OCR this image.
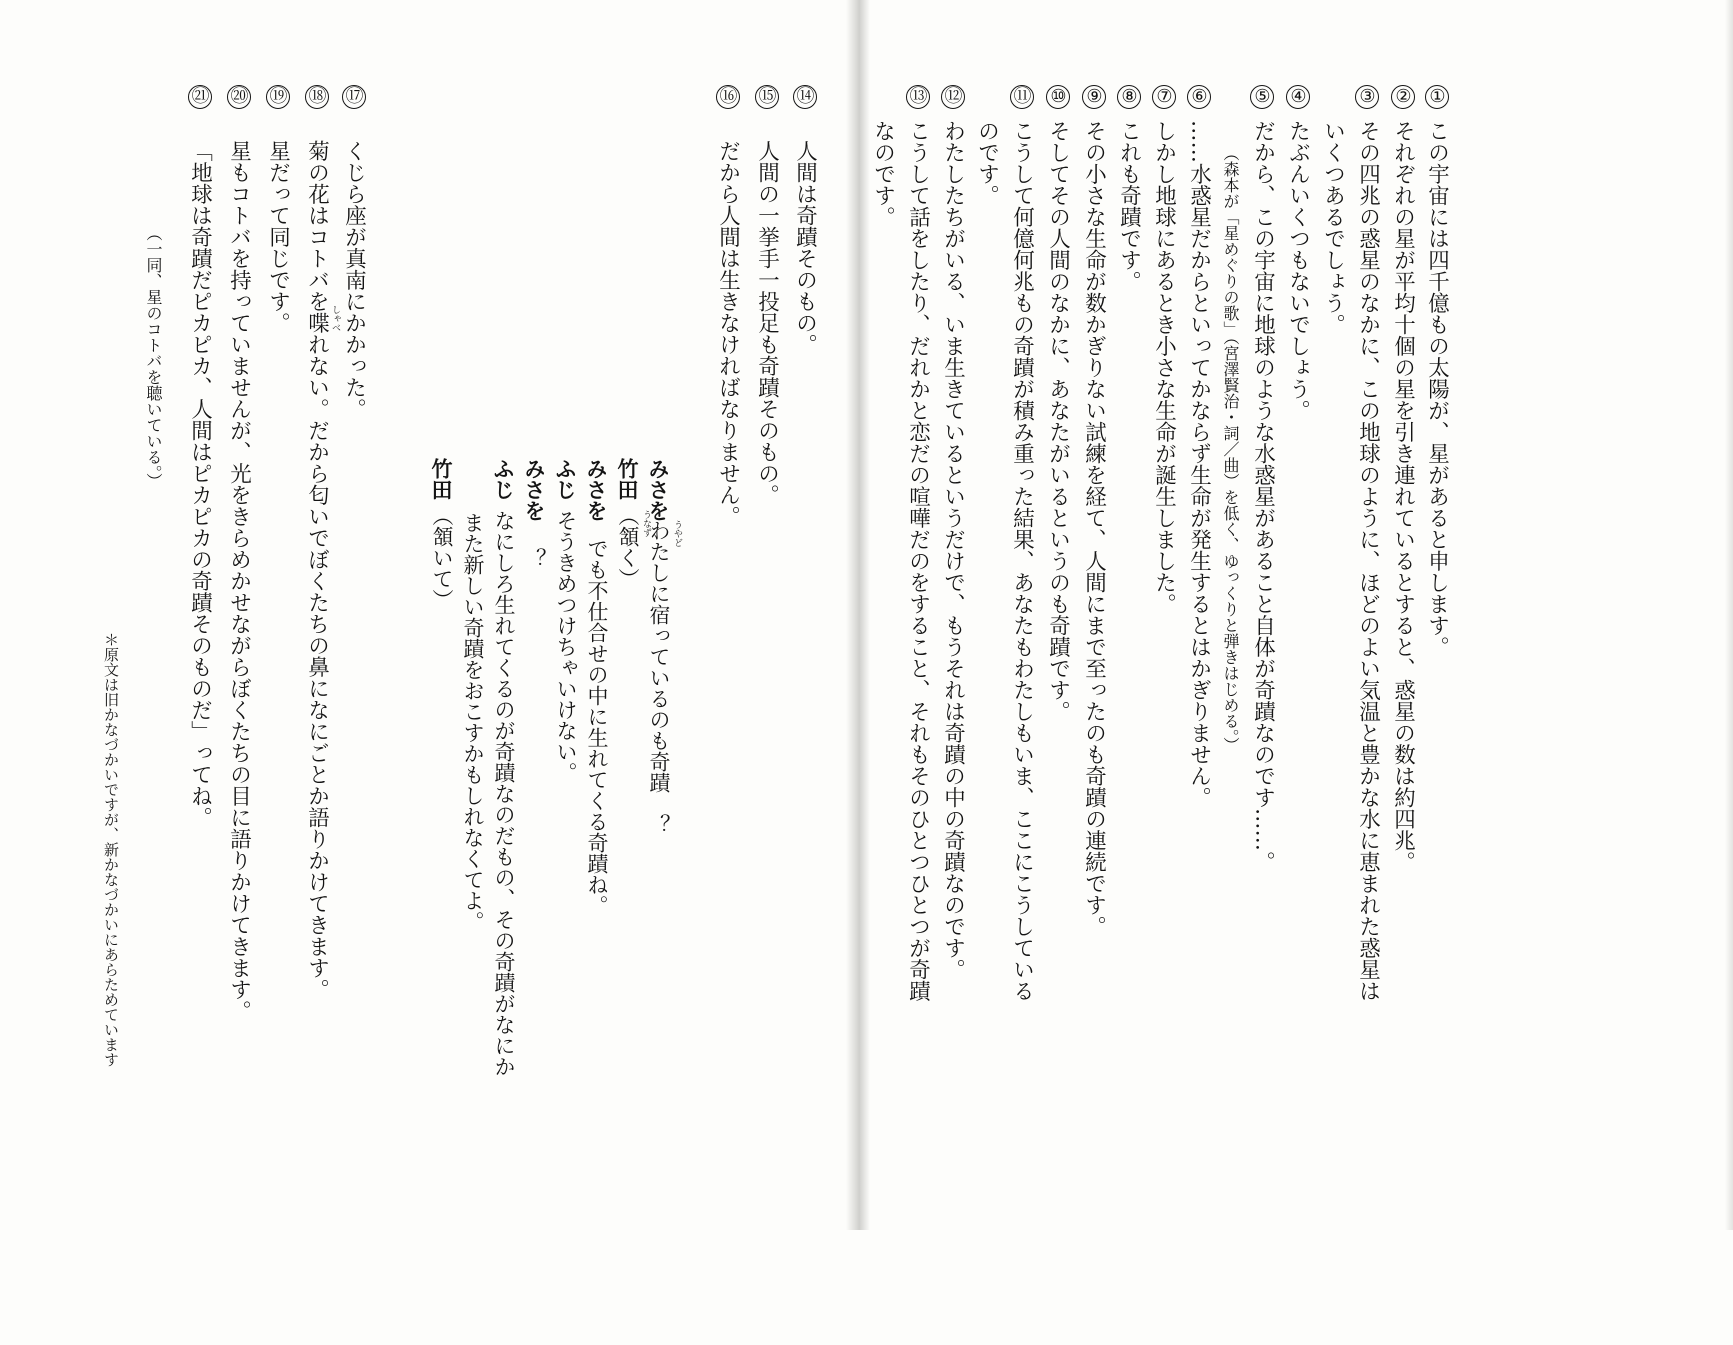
①
この宇宙には四千億もの太陽が、星があると申します。
②
それぞれの星が平均十個の星を引き連れているとすると、惑星の数は約四兆。
③
その四兆の惑星のなかに、この地球のように、ほどのよい気温と豊かな水に恵まれた惑星は
いくつあるでしょう。
④
たぶんいくつもないでしょう。
⑤
だから、この宇宙に地球のような水惑星があること自体が奇蹟なのです……。
（森本が「星めぐりの歌」（宮澤賢治・詞／曲）を低く、ゆっくりと弾きはじめる。）
⑥
……水惑星だからといってかならず生命が発生するとはかぎりません。
⑦
しかし地球にあるとき小さな生命が誕生しました。
⑧
これも奇蹟です。
⑨
その小さな生命が数かぎりない試練を経て、人間にまで至ったのも奇蹟の連続です。
⑩
そしてその人間のなかに、あなたがいるというのも奇蹟です。
⑪
こうして何億何兆もの奇蹟が積み重った結果、あなたもわたしもいま、ここにこうしている
のです。
⑫
わたしたちがいる、いま生きているというだけで、もうそれは奇蹟の中の奇蹟なのです。
⑬
こうして話をしたり、だれかと恋だの喧嘩だのをすること、それもそのひとつひとつが奇蹟
なのです。
⑭
人間は奇蹟そのもの。
⑮
人間の一挙手一投足も奇蹟そのもの。
⑯
だから人間は生きなければなりません。
みさを
わたしに宿っているのも奇蹟　？ うやど
竹田
（頷く） うなず
みさを
でも不仕合せの中に生れてくる奇蹟ね。
ふじ
そうきめつけちゃいけない。
みさを
？
ふじ
なにしろ生れてくるのが奇蹟なのだもの、その奇蹟がなにか
また新しい奇蹟をおこすかもしれなくてよ。
竹田
（頷いて）
⑰
くじら座が真南にかかった。
⑱
菊の花はコトバを喋れない。だから匂いでぼくたちの鼻になにごとか語りかけてきます。 しゃべ
⑲
星だって同じです。
⑳
星もコトバを持っていませんが、光をきらめかせながらぼくたちの目に語りかけてきます。
㉑
「地球は奇蹟だピカピカ、人間はピカピカの奇蹟そのものだ」ってね。
（一同、星のコトバを聴いている。）
＊原文は旧かなづかいですが、新かなづかいにあらためています
